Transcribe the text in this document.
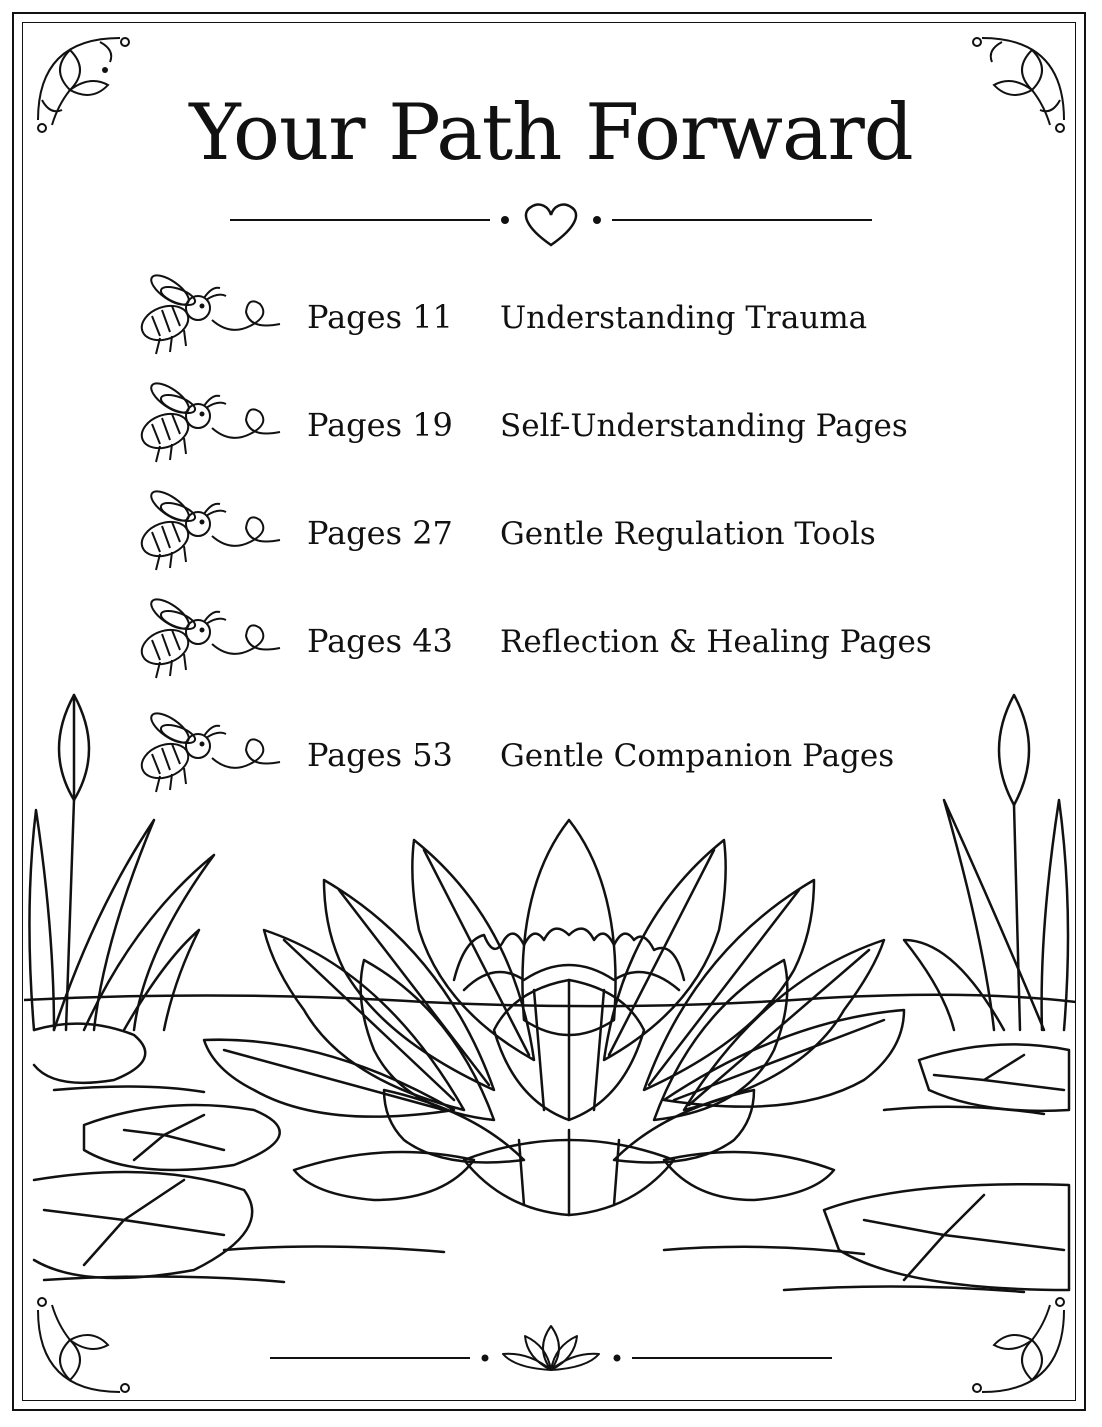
Your Path Forward
Pages 11 Understanding Trauma
Pages 19 Self-Understanding Pages
Pages 27 Gentle Regulation Tools
Pages 43 Reflection & Healing Pages
Pages 53 Gentle Companion Pages
